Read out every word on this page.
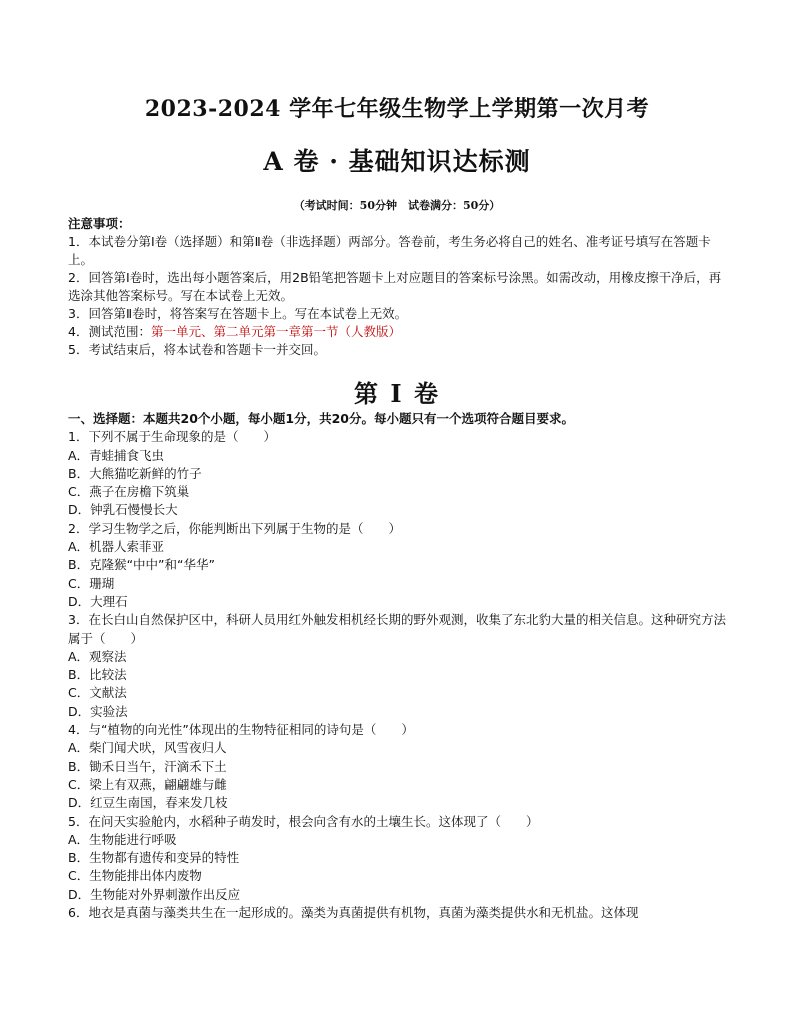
2023-2024 学年七年级生物学上学期第一次月考
A 卷 · 基础知识达标测
（考试时间：50分钟　试卷满分：50分）
注意事项：
1．本试卷分第Ⅰ卷（选择题）和第Ⅱ卷（非选择题）两部分。答卷前，考生务必将自己的姓名、准考证号填写在答题卡上。
2．回答第Ⅰ卷时，选出每小题答案后，用2B铅笔把答题卡上对应题目的答案标号涂黑。如需改动，用橡皮擦干净后，再选涂其他答案标号。写在本试卷上无效。
3．回答第Ⅱ卷时，将答案写在答题卡上。写在本试卷上无效。
4．测试范围：第一单元、第二单元第一章第一节（人教版）
5．考试结束后，将本试卷和答题卡一并交回。
第 Ⅰ 卷
一、选择题：本题共20个小题，每小题1分，共20分。每小题只有一个选项符合题目要求。
1．下列不属于生命现象的是（　　）
A．青蛙捕食飞虫
B．大熊猫吃新鲜的竹子
C．燕子在房檐下筑巢
D．钟乳石慢慢长大
2．学习生物学之后，你能判断出下列属于生物的是（　　）
A．机器人索菲亚
B．克隆猴“中中”和“华华”
C．珊瑚
D．大理石
3．在长白山自然保护区中，科研人员用红外触发相机经长期的野外观测，收集了东北豹大量的相关信息。这种研究方法属于（　　）
A．观察法
B．比较法
C．文献法
D．实验法
4．与“植物的向光性”体现出的生物特征相同的诗句是（　　）
A．柴门闻犬吠，风雪夜归人
B．锄禾日当午，汗滴禾下土
C．梁上有双燕，翩翩雄与雌
D．红豆生南国，春来发几枝
5．在问天实验舱内，水稻种子萌发时，根会向含有水的土壤生长。这体现了（　　）
A．生物能进行呼吸
B．生物都有遗传和变异的特性
C．生物能排出体内废物
D．生物能对外界刺激作出反应
6．地衣是真菌与藻类共生在一起形成的。藻类为真菌提供有机物，真菌为藻类提供水和无机盐。这体现
